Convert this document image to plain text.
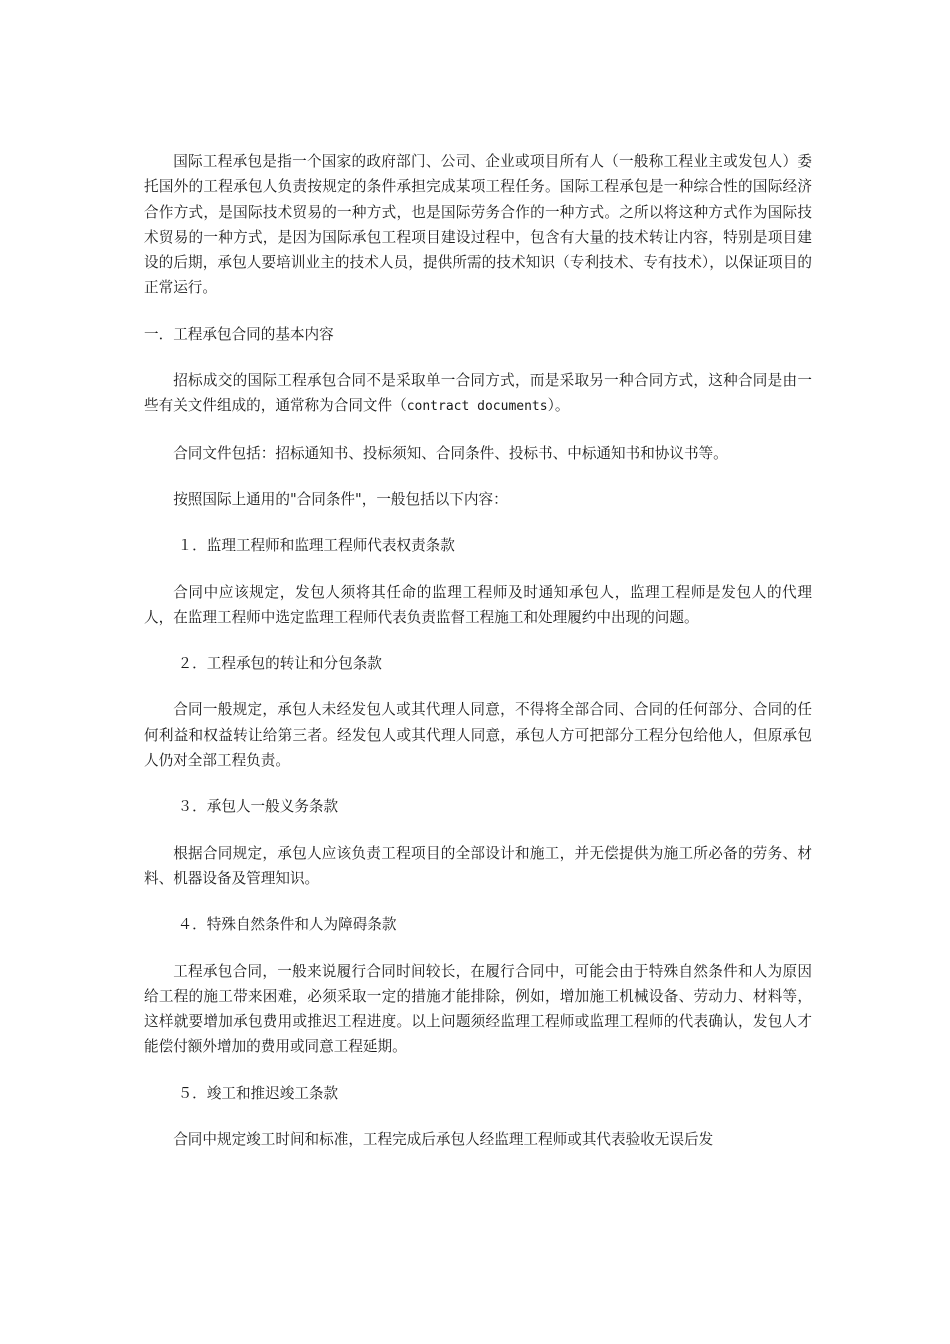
国际工程承包是指一个国家的政府部门、公司、企业或项目所有人（一般称工程业主或发包人）委托国外的工程承包人负责按规定的条件承担完成某项工程任务。国际工程承包是一种综合性的国际经济合作方式，是国际技术贸易的一种方式，也是国际劳务合作的一种方式。之所以将这种方式作为国际技术贸易的一种方式，是因为国际承包工程项目建设过程中，包含有大量的技术转让内容，特别是项目建设的后期，承包人要培训业主的技术人员，提供所需的技术知识（专利技术、专有技术），以保证项目的正常运行。

一．工程承包合同的基本内容

招标成交的国际工程承包合同不是采取单一合同方式，而是采取另一种合同方式，这种合同是由一些有关文件组成的，通常称为合同文件（contract documents）。

合同文件包括：招标通知书、投标须知、合同条件、投标书、中标通知书和协议书等。

按照国际上通用的"合同条件"，一般包括以下内容：

１．监理工程师和监理工程师代表权责条款

合同中应该规定，发包人须将其任命的监理工程师及时通知承包人，监理工程师是发包人的代理人，在监理工程师中选定监理工程师代表负责监督工程施工和处理履约中出现的问题。

２．工程承包的转让和分包条款

合同一般规定，承包人未经发包人或其代理人同意，不得将全部合同、合同的任何部分、合同的任何利益和权益转让给第三者。经发包人或其代理人同意，承包人方可把部分工程分包给他人，但原承包人仍对全部工程负责。

３．承包人一般义务条款

根据合同规定，承包人应该负责工程项目的全部设计和施工，并无偿提供为施工所必备的劳务、材料、机器设备及管理知识。

４．特殊自然条件和人为障碍条款

工程承包合同，一般来说履行合同时间较长，在履行合同中，可能会由于特殊自然条件和人为原因给工程的施工带来困难，必须采取一定的措施才能排除，例如，增加施工机械设备、劳动力、材料等，这样就要增加承包费用或推迟工程进度。以上问题须经监理工程师或监理工程师的代表确认，发包人才能偿付额外增加的费用或同意工程延期。

５．竣工和推迟竣工条款

合同中规定竣工时间和标准，工程完成后承包人经监理工程师或其代表验收无误后发
